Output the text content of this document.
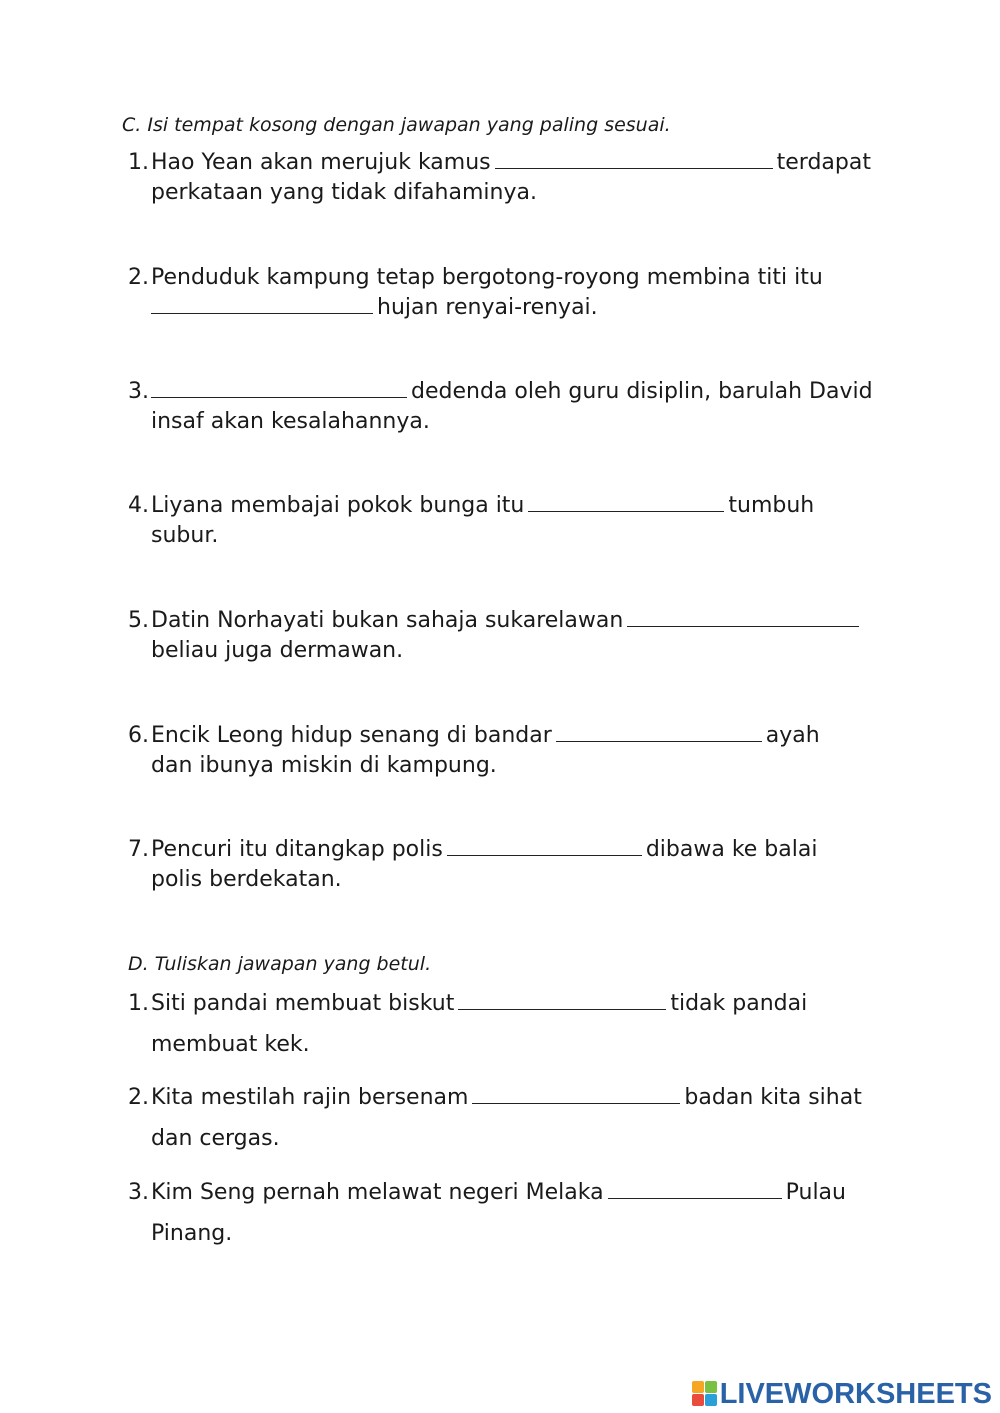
C. Isi tempat kosong dengan jawapan yang paling sesuai.
1.Hao Yean akan merujuk kamus	terdapat
perkataan yang tidak difahaminya.
2.Penduduk kampung tetap bergotong-royong membina titi itu
hujan renyai-renyai.
3.	dedenda oleh guru disiplin, barulah David
insaf akan kesalahannya.
4.Liyana membajai pokok bunga itu	tumbuh
subur.
5.Datin Norhayati bukan sahaja sukarelawan
beliau juga dermawan.
6.Encik Leong hidup senang di bandar	ayah
dan ibunya miskin di kampung.
7.Pencuri itu ditangkap polis	dibawa ke balai
polis berdekatan.
D. Tuliskan jawapan yang betul.
1.Siti pandai membuat biskut	tidak pandai
membuat kek.
2.Kita mestilah rajin bersenam	badan kita sihat
dan cergas.
3.Kim Seng pernah melawat negeri Melaka	Pulau
Pinang.
LIVEWORKSHEETS
